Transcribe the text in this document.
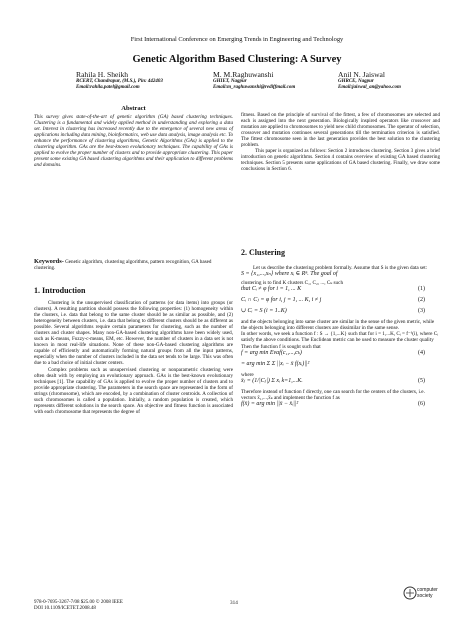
First International Conference on Emerging Trends in Engineering and Technology
Genetic Algorithm Based Clustering: A Survey
Rahila H. Sheikh
RCERT, Chandrapur, (M.S.), Pin: 442403
Email:rahila.patel@gmail.com
M. M.Raghuwanshi
GHIET, Nagpur
Email:m_raghuwanshi@rediffmail.com
Anil N. Jaiswal
GHRCE, Nagpur
Email:jaiswal_an@yahoo.com
Abstract

This survey gives state-of-the-art of genetic algorithm (GA) based clustering techniques. Clustering is a fundamental and widely applied method in understanding and exploring a data set. Interest in clustering has increased recently due to the emergence of several new areas of applications including data mining, bioinformatics, web use data analysis, image analysis etc. To enhance the performance of clustering algorithms, Genetic Algorithms (GAs) is applied to the clustering algorithm. GAs are the best-known evolutionary techniques. The capability of GAs is applied to evolve the proper number of clusters and to provide appropriate clustering. This paper present some existing GA based clustering algorithms and their application to different problems and domains.

Keywords- Genetic algorithm, clustering algorithms, pattern recognition, GA based clustering.
1. Introduction

Clustering is the unsupervised classification of patterns (or data items) into groups (or clusters). A resulting partition should possess the following properties: (1) homogeneity within the clusters, i.e. data that belong to the same cluster should be as similar as possible, and (2) heterogeneity between clusters, i.e. data that belong to different clusters should be as different as possible. Several algorithms require certain parameters for clustering, such as the number of clusters and cluster shapes. Many non-GA-based clustering algorithms have been widely used, such as K-means, Fuzzy-c-means, EM, etc. However, the number of clusters in a data set is not known in most real-life situations. None of these non-GA-based clustering algorithms are capable of efficiently and automatically forming natural groups from all the input patterns, especially when the number of clusters included in the data set tends to be large. This was often due to a bad choice of initial cluster centers.

Complex problems such as unsupervised clustering or nonparametric clustering were often dealt with by employing an evolutionary approach. GAs is the best-known evolutionary techniques [1]. The capability of GAs is applied to evolve the proper number of clusters and to provide appropriate clustering. The parameters in the search space are represented in the form of strings (chromosome), which are encoded, by a combination of cluster centroids. A collection of such chromosomes is called a population. Initially, a random population is created, which represents different solutions in the search space. An objective and fitness function is associated with each chromosome that represents the degree of

fitness. Based on the principle of survival of the fittest, a few of chromosomes are selected and each is assigned into the next generation. Biologically inspired operators like crossover and mutation are applied to chromosomes to yield new child chromosomes. The operator of selection, crossover and mutation continues several generations till the termination criterion is satisfied. The fittest chromosome seen in the last generation provides the best solution to the clustering problem.

This paper is organized as follows: Section 2 introduces clustering. Section 3 gives a brief introduction on genetic algorithms. Section 4 contains overview of existing GA based clustering techniques. Section 5 presents some applications of GA based clustering. Finally, we draw some conclusions in Section 6.

2. Clustering

Let us describe the clustering problem formally. Assume that S is the given data set:

S = {x₁,...,xₙ} where xᵢ ∈ Rⁿ. The goal of

clustering is to find K clusters C₁, C₂, ..., Cₖ such

that Cᵢ ≠ φ for i = 1, ... K	(1)
Cᵢ ∩ Cⱼ = φ for i, j = 1, ... K, i ≠ j	(2)
∪ Cᵢ = S (i = 1..K)	(3)

and the objects belonging into same cluster are similar in the sense of the given metric, while the objects belonging into different clusters are dissimilar in the same sense.

In other words, we seek a function f : S → {1,...K} such that for i = 1,...K, Cᵢ = f⁻¹(i), where Cᵢ satisfy the above conditions. The Euclidean metric can be used to measure the cluster quality

Then the function f is sought such that

f = arg min Evaf(c₁,...,cₖ)	(4)
= arg min Σ Σ ||xᵢ − x̄ f(xᵢ)||²

where

x̄ⱼ = (1/|Cⱼ|) Σ xᵢ k=1,...K.	(5)

Therefore instead of function f directly, one can search for the centers of the clusters, i.e. vectors x̄₁,...,x̄ₖ and implement the function f as

f(x̄) = arg min ||x̄ − x̄ᵢ||²	(6)
978-0-7695-3267-7/08 $25.00 © 2008 IEEE
DOI 10.1109/ICETET.2008.48
314
computer society
